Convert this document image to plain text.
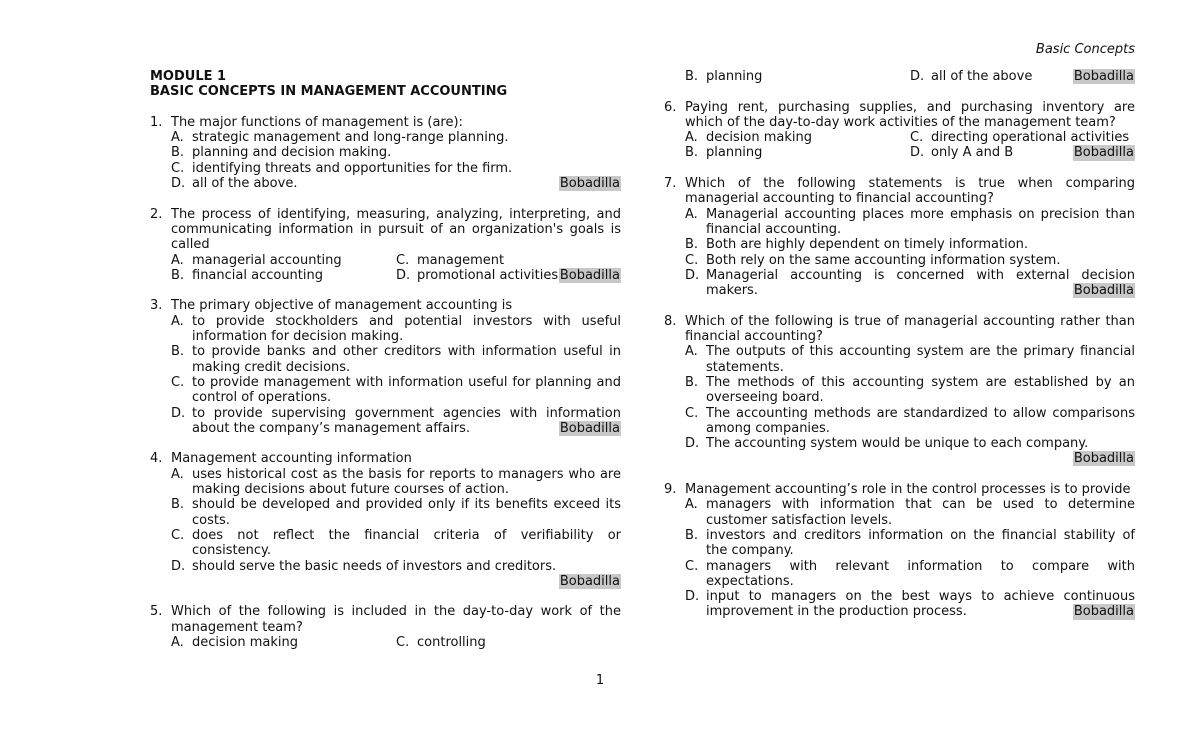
Basic Concepts
MODULE 1
BASIC CONCEPTS IN MANAGEMENT ACCOUNTING
1. The major functions of management is (are):
A. strategic management and long-range planning.
B. planning and decision making.
C. identifying threats and opportunities for the firm.
D. all of the above.	Bobadilla
2. The process of identifying, measuring, analyzing, interpreting, and communicating information in pursuit of an organization's goals is called
A. managerial accounting	C. management
B. financial accounting	D. promotional activities Bobadilla
3. The primary objective of management accounting is
A. to provide stockholders and potential investors with useful information for decision making.
B. to provide banks and other creditors with information useful in making credit decisions.
C. to provide management with information useful for planning and control of operations.
D. to provide supervising government agencies with information about the company’s management affairs.	Bobadilla
4. Management accounting information
A. uses historical cost as the basis for reports to managers who are making decisions about future courses of action.
B. should be developed and provided only if its benefits exceed its costs.
C. does not reflect the financial criteria of verifiability or consistency.
D. should serve the basic needs of investors and creditors.
Bobadilla
5. Which of the following is included in the day-to-day work of the management team?
A. decision making	C. controlling
B. planning	D. all of the above	Bobadilla
6. Paying rent, purchasing supplies, and purchasing inventory are which of the day-to-day work activities of the management team?
A. decision making	C. directing operational activities
B. planning	D. only A and B	Bobadilla
7. Which of the following statements is true when comparing managerial accounting to financial accounting?
A. Managerial accounting places more emphasis on precision than financial accounting.
B. Both are highly dependent on timely information.
C. Both rely on the same accounting information system.
D. Managerial accounting is concerned with external decision makers.	Bobadilla
8. Which of the following is true of managerial accounting rather than financial accounting?
A. The outputs of this accounting system are the primary financial statements.
B. The methods of this accounting system are established by an overseeing board.
C. The accounting methods are standardized to allow comparisons among companies.
D. The accounting system would be unique to each company.
Bobadilla
9. Management accounting’s role in the control processes is to provide
A. managers with information that can be used to determine customer satisfaction levels.
B. investors and creditors information on the financial stability of the company.
C. managers with relevant information to compare with expectations.
D. input to managers on the best ways to achieve continuous improvement in the production process.	Bobadilla
1
